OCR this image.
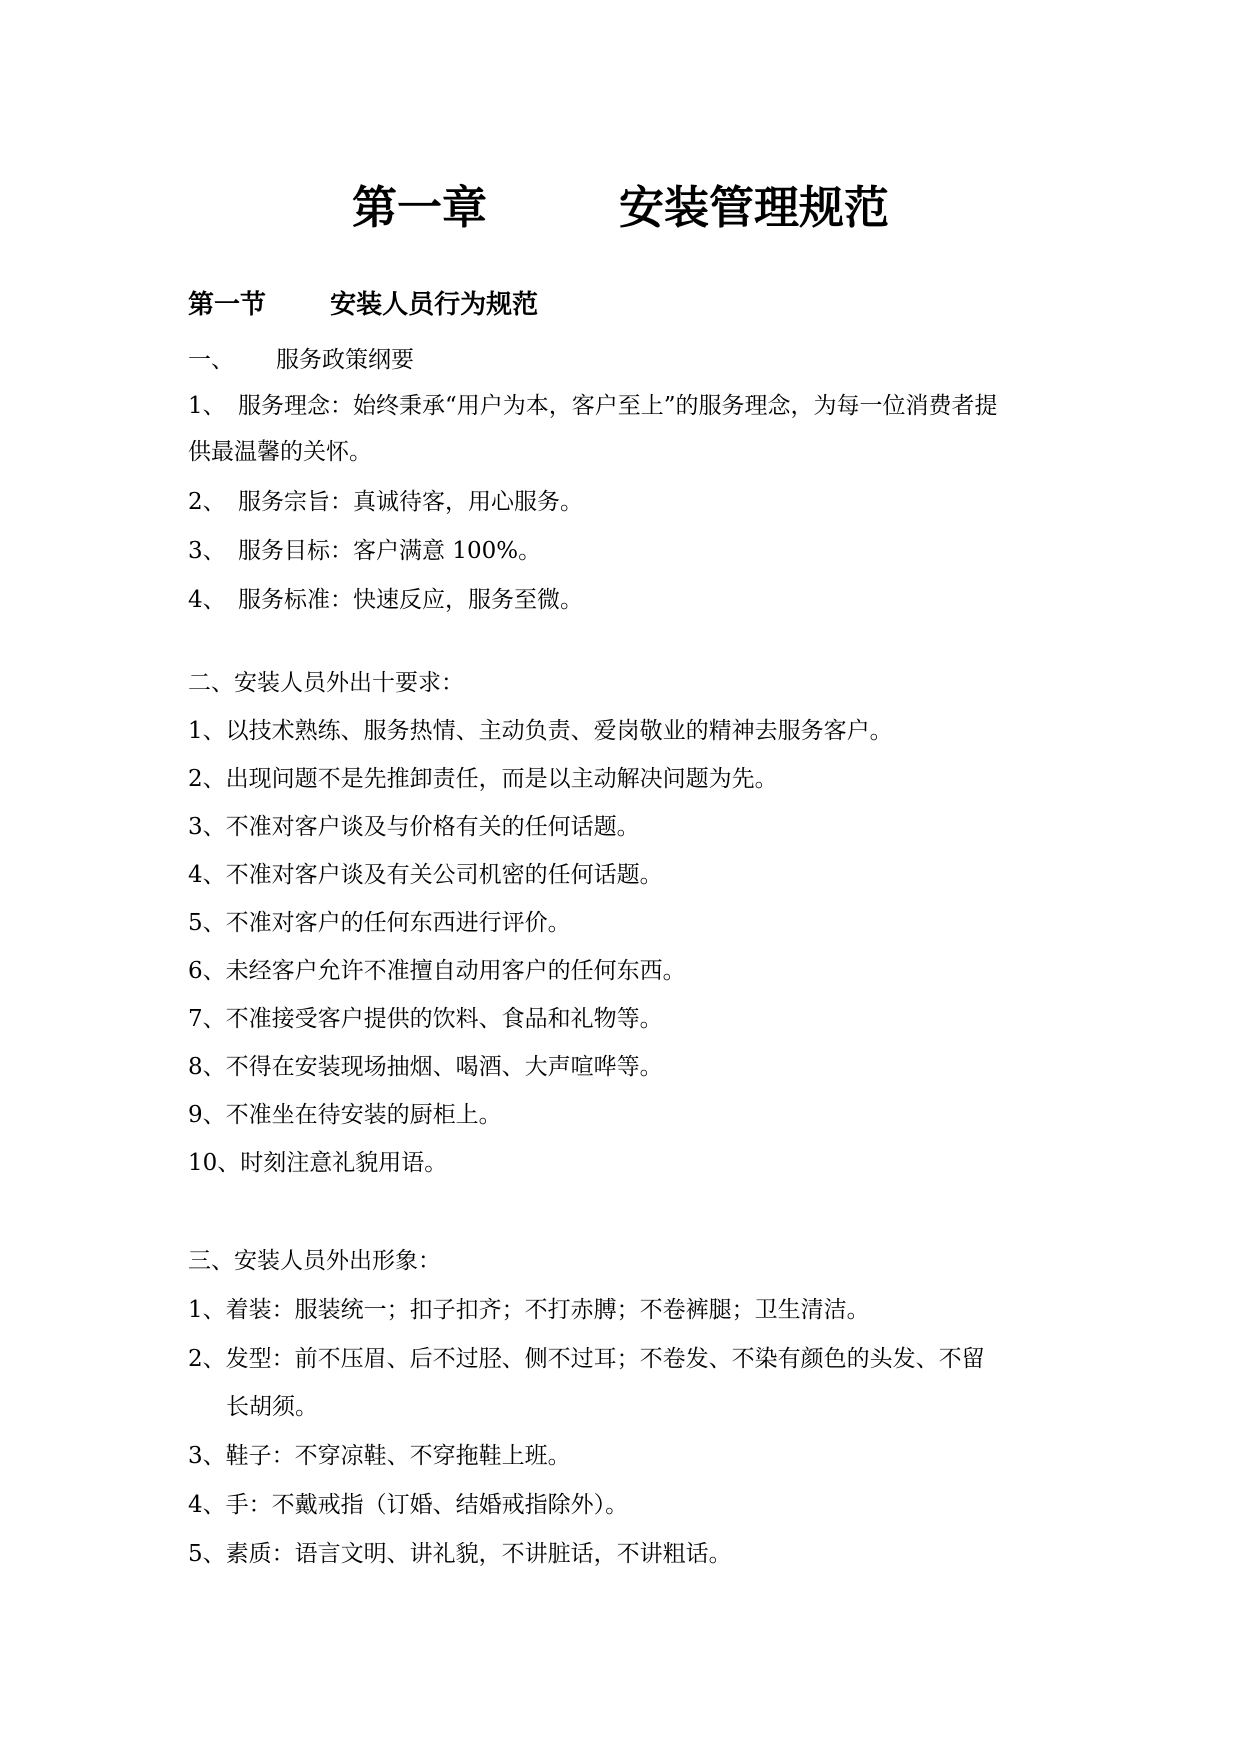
第一章	安装管理规范
第一节 安装人员行为规范
一、 服务政策纲要
1、 服务理念：始终秉承“用户为本，客户至上”的服务理念，为每一位消费者提
供最温馨的关怀。
2、 服务宗旨：真诚待客，用心服务。
3、 服务目标：客户满意 100%。
4、 服务标准：快速反应，服务至微。
二、安装人员外出十要求：
1、以技术熟练、服务热情、主动负责、爱岗敬业的精神去服务客户。
2、出现问题不是先推卸责任，而是以主动解决问题为先。
3、不准对客户谈及与价格有关的任何话题。
4、不准对客户谈及有关公司机密的任何话题。
5、不准对客户的任何东西进行评价。
6、未经客户允许不准擅自动用客户的任何东西。
7、不准接受客户提供的饮料、食品和礼物等。
8、不得在安装现场抽烟、喝酒、大声喧哗等。
9、不准坐在待安装的厨柜上。
10、时刻注意礼貌用语。
三、安装人员外出形象：
1、着装：服装统一；扣子扣齐；不打赤膊；不卷裤腿；卫生清洁。
2、发型：前不压眉、后不过胫、侧不过耳；不卷发、不染有颜色的头发、不留
长胡须。
3、鞋子：不穿凉鞋、不穿拖鞋上班。
4、手：不戴戒指（订婚、结婚戒指除外）。
5、素质：语言文明、讲礼貌，不讲脏话，不讲粗话。
